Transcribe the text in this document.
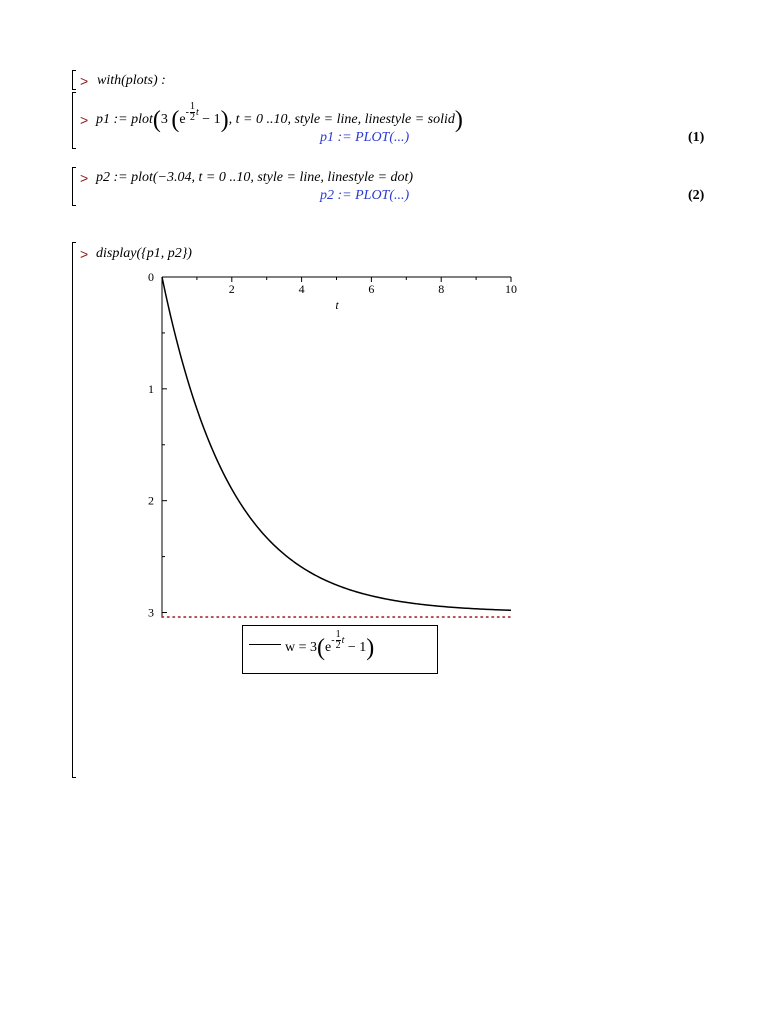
> with(plots) :
> p1 := plot(3 ($e- \frac{1}{2}$ t − 1), t = 0 ..10, style = line, linestyle = solid)
p1 := PLOT(...)	(1)
> p2 := plot(−3.04, t = 0 ..10, style = line, linestyle = dot)
p2 := PLOT(...)	(2)
> display({p1, p2})
2	4	6	8	10
0
1
2
3
t
$w = 3(e- \frac{1}{2}$ t − 1)
